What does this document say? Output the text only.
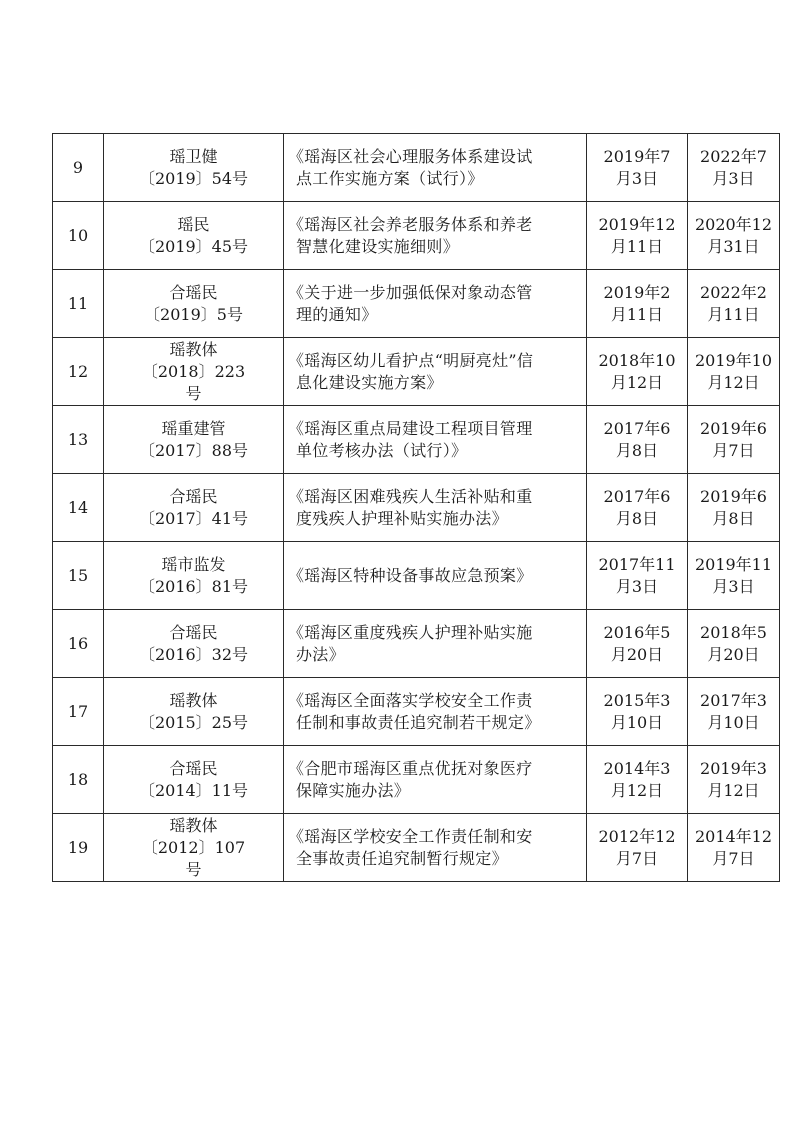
9	瑶卫健
〔2019〕54号	《瑶海区社会心理服务体系建设试
点工作实施方案（试行）》	2019年7
月3日	2022年7
月3日

10	瑶民
〔2019〕45号	《瑶海区社会养老服务体系和养老
智慧化建设实施细则》	2019年12
月11日	2020年12
月31日

11	合瑶民
〔2019〕5号	《关于进一步加强低保对象动态管
理的通知》	2019年2
月11日	2022年2
月11日

12	瑶教体
〔2018〕223
号	《瑶海区幼儿看护点“明厨亮灶”信
息化建设实施方案》	2018年10
月12日	2019年10
月12日

13	瑶重建管
〔2017〕88号	《瑶海区重点局建设工程项目管理
单位考核办法（试行）》	2017年6
月8日	2019年6
月7日

14	合瑶民
〔2017〕41号	《瑶海区困难残疾人生活补贴和重
度残疾人护理补贴实施办法》	2017年6
月8日	2019年6
月8日

15	瑶市监发
〔2016〕81号	《瑶海区特种设备事故应急预案》	2017年11
月3日	2019年11
月3日

16	合瑶民
〔2016〕32号	《瑶海区重度残疾人护理补贴实施
办法》	2016年5
月20日	2018年5
月20日

17	瑶教体
〔2015〕25号	《瑶海区全面落实学校安全工作责
任制和事故责任追究制若干规定》	2015年3
月10日	2017年3
月10日

18	合瑶民
〔2014〕11号	《合肥市瑶海区重点优抚对象医疗
保障实施办法》	2014年3
月12日	2019年3
月12日

19	瑶教体
〔2012〕107
号	《瑶海区学校安全工作责任制和安
全事故责任追究制暂行规定》	2012年12
月7日	2014年12
月7日
